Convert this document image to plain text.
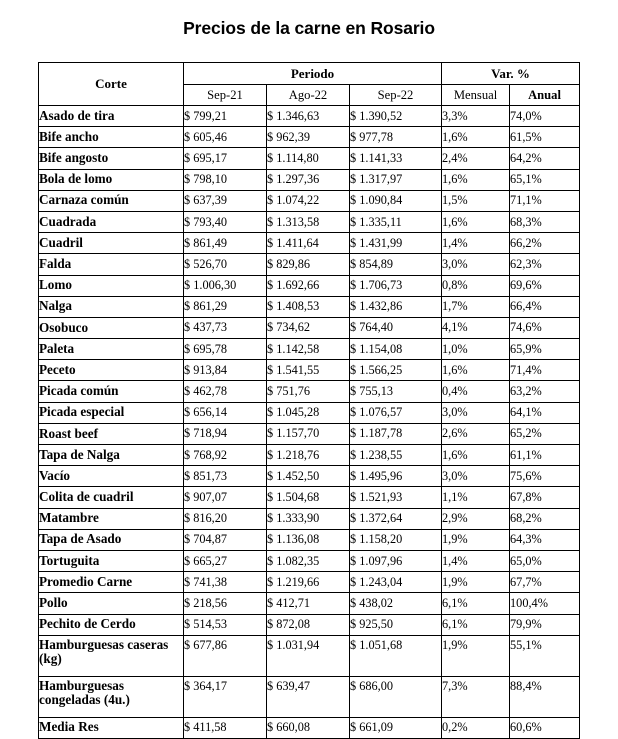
Precios de la carne en Rosario
Corte	Periodo			Var. %	
	Sep-21	Ago-22	Sep-22	Mensual	Anual
Asado de tira	$ 799,21	$ 1.346,63	$ 1.390,52	3,3%	74,0%
Bife ancho	$ 605,46	$ 962,39	$ 977,78	1,6%	61,5%
Bife angosto	$ 695,17	$ 1.114,80	$ 1.141,33	2,4%	64,2%
Bola de lomo	$ 798,10	$ 1.297,36	$ 1.317,97	1,6%	65,1%
Carnaza común	$ 637,39	$ 1.074,22	$ 1.090,84	1,5%	71,1%
Cuadrada	$ 793,40	$ 1.313,58	$ 1.335,11	1,6%	68,3%
Cuadril	$ 861,49	$ 1.411,64	$ 1.431,99	1,4%	66,2%
Falda	$ 526,70	$ 829,86	$ 854,89	3,0%	62,3%
Lomo	$ 1.006,30	$ 1.692,66	$ 1.706,73	0,8%	69,6%
Nalga	$ 861,29	$ 1.408,53	$ 1.432,86	1,7%	66,4%
Osobuco	$ 437,73	$ 734,62	$ 764,40	4,1%	74,6%
Paleta	$ 695,78	$ 1.142,58	$ 1.154,08	1,0%	65,9%
Peceto	$ 913,84	$ 1.541,55	$ 1.566,25	1,6%	71,4%
Picada común	$ 462,78	$ 751,76	$ 755,13	0,4%	63,2%
Picada especial	$ 656,14	$ 1.045,28	$ 1.076,57	3,0%	64,1%
Roast beef	$ 718,94	$ 1.157,70	$ 1.187,78	2,6%	65,2%
Tapa de Nalga	$ 768,92	$ 1.218,76	$ 1.238,55	1,6%	61,1%
Vacío	$ 851,73	$ 1.452,50	$ 1.495,96	3,0%	75,6%
Colita de cuadril	$ 907,07	$ 1.504,68	$ 1.521,93	1,1%	67,8%
Matambre	$ 816,20	$ 1.333,90	$ 1.372,64	2,9%	68,2%
Tapa de Asado	$ 704,87	$ 1.136,08	$ 1.158,20	1,9%	64,3%
Tortuguita	$ 665,27	$ 1.082,35	$ 1.097,96	1,4%	65,0%
Promedio Carne	$ 741,38	$ 1.219,66	$ 1.243,04	1,9%	67,7%
Pollo	$ 218,56	$ 412,71	$ 438,02	6,1%	100,4%
Pechito de Cerdo	$ 514,53	$ 872,08	$ 925,50	6,1%	79,9%
Hamburguesas caseras (kg)	$ 677,86	$ 1.031,94	$ 1.051,68	1,9%	55,1%
Hamburguesas congeladas (4u.)	$ 364,17	$ 639,47	$ 686,00	7,3%	88,4%
Media Res	$ 411,58	$ 660,08	$ 661,09	0,2%	60,6%
